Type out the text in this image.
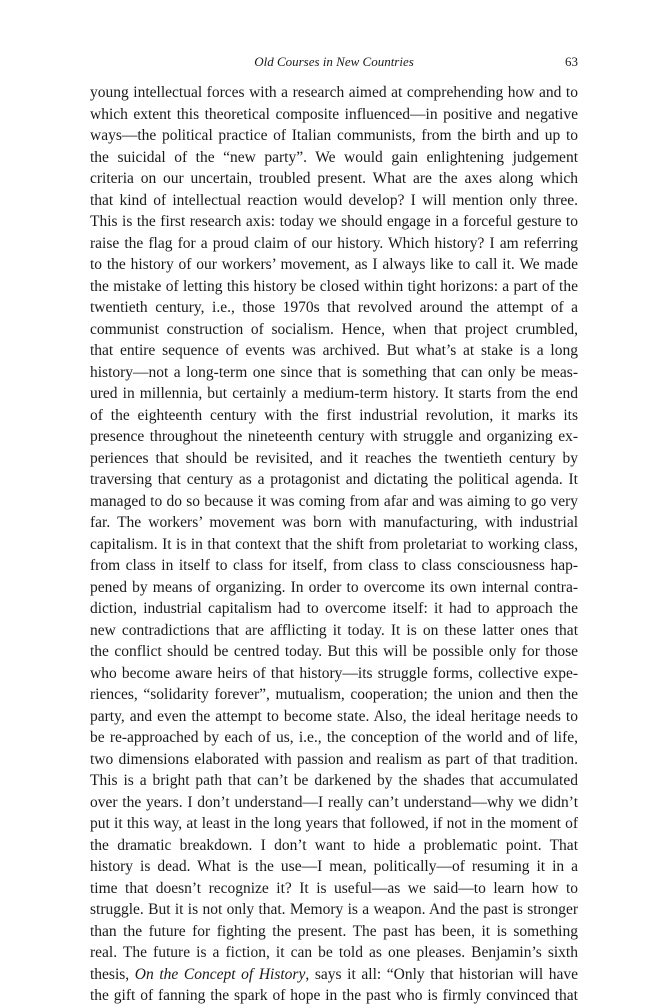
Old Courses in New Countries	63
young intellectual forces with a research aimed at comprehending how and to
which extent this theoretical composite influenced—in positive and negative
ways—the political practice of Italian communists, from the birth and up to
the suicidal of the “new party”. We would gain enlightening judgement
criteria on our uncertain, troubled present. What are the axes along which
that kind of intellectual reaction would develop? I will mention only three.
This is the first research axis: today we should engage in a forceful gesture to
raise the flag for a proud claim of our history. Which history? I am referring
to the history of our workers’ movement, as I always like to call it. We made
the mistake of letting this history be closed within tight horizons: a part of the
twentieth century, i.e., those 1970s that revolved around the attempt of a
communist construction of socialism. Hence, when that project crumbled,
that entire sequence of events was archived. But what’s at stake is a long
history—not a long-term one since that is something that can only be meas-
ured in millennia, but certainly a medium-term history. It starts from the end
of the eighteenth century with the first industrial revolution, it marks its
presence throughout the nineteenth century with struggle and organizing ex-
periences that should be revisited, and it reaches the twentieth century by
traversing that century as a protagonist and dictating the political agenda. It
managed to do so because it was coming from afar and was aiming to go very
far. The workers’ movement was born with manufacturing, with industrial
capitalism. It is in that context that the shift from proletariat to working class,
from class in itself to class for itself, from class to class consciousness hap-
pened by means of organizing. In order to overcome its own internal contra-
diction, industrial capitalism had to overcome itself: it had to approach the
new contradictions that are afflicting it today. It is on these latter ones that
the conflict should be centred today. But this will be possible only for those
who become aware heirs of that history—its struggle forms, collective expe-
riences, “solidarity forever”, mutualism, cooperation; the union and then the
party, and even the attempt to become state. Also, the ideal heritage needs to
be re-approached by each of us, i.e., the conception of the world and of life,
two dimensions elaborated with passion and realism as part of that tradition.
This is a bright path that can’t be darkened by the shades that accumulated
over the years. I don’t understand—I really can’t understand—why we didn’t
put it this way, at least in the long years that followed, if not in the moment of
the dramatic breakdown. I don’t want to hide a problematic point. That
history is dead. What is the use—I mean, politically—of resuming it in a
time that doesn’t recognize it? It is useful—as we said—to learn how to
struggle. But it is not only that. Memory is a weapon. And the past is stronger
than the future for fighting the present. The past has been, it is something
real. The future is a fiction, it can be told as one pleases. Benjamin’s sixth
thesis, On the Concept of History, says it all: “Only that historian will have
the gift of fanning the spark of hope in the past who is firmly convinced that
